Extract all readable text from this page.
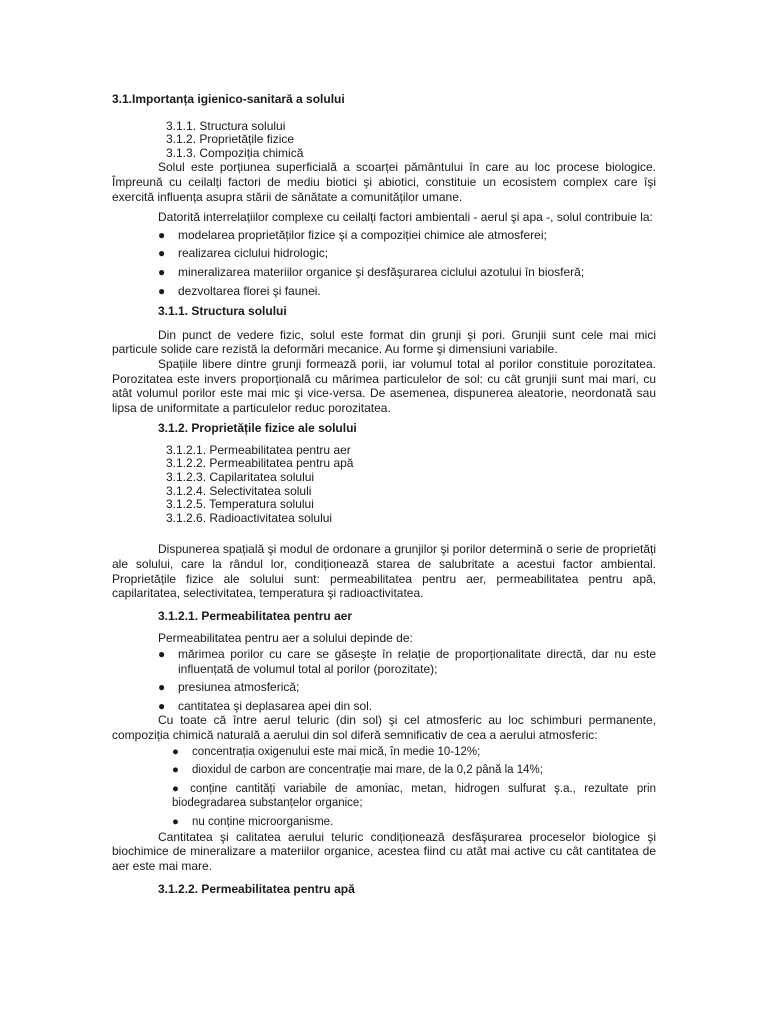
3.1.Importanța igienico-sanitară a solului
3.1.1. Structura solului
3.1.2. Proprietățile fizice
3.1.3. Compoziția chimică

Solul este porțiunea superficială a scoarței pământului în care au loc procese biologice. Împreună cu ceilalți factori de mediu biotici şi abiotici, constituie un ecosistem complex care îşi exercită influența asupra stării de sănătate a comunităților umane.

Datorită interrelațiilor complexe cu ceilalți factori ambientali - aerul şi apa -, solul contribuie la:

● modelarea proprietăților fizice şi a compoziției chimice ale atmosferei;
● realizarea ciclului hidrologic;
● mineralizarea materiilor organice şi desfăşurarea ciclului azotului în biosferă;
● dezvoltarea florei şi faunei.
3.1.1. Structura solului

Din punct de vedere fizic, solul este format din grunji şi pori. Grunjii sunt cele mai mici particule solide care rezistă la deformări mecanice. Au forme şi dimensiuni variabile.

Spațiile libere dintre grunji formează porii, iar volumul total al porilor constituie porozitatea. Porozitatea este invers proporțională cu mărimea particulelor de sol: cu cât grunjii sunt mai mari, cu atât volumul porilor este mai mic şi vice-versa. De asemenea, dispunerea aleatorie, neordonată sau lipsa de uniformitate a particulelor reduc porozitatea.

3.1.2. Proprietățile fizice ale solului
3.1.2.1. Permeabilitatea pentru aer
3.1.2.2. Permeabilitatea pentru apă
3.1.2.3. Capilaritatea solului
3.1.2.4. Selectivitatea soluli
3.1.2.5. Temperatura solului
3.1.2.6. Radioactivitatea solului

Dispunerea spațială şi modul de ordonare a grunjilor şi porilor determină o serie de proprietăți ale solului, care la rândul lor, condiționează starea de salubritate a acestui factor ambiental. Proprietățile fizice ale solului sunt: permeabilitatea pentru aer, permeabilitatea pentru apă, capilaritatea, selectivitatea, temperatura şi radioactivitatea.

3.1.2.1. Permeabilitatea pentru aer

Permeabilitatea pentru aer a solului depinde de:

● mărimea porilor cu care se găseşte în relație de proporționalitate directă, dar nu este influențată de volumul total al porilor (porozitate);
● presiunea atmosferică;
● cantitatea şi deplasarea apei din sol.

Cu toate că între aerul teluric (din sol) şi cel atmosferic au loc schimburi permanente, compoziția chimică naturală a aerului din sol diferă semnificativ de cea a aerului atmosferic:

● concentrația oxigenului este mai mică, în medie 10-12%;
● dioxidul de carbon are concentrație mai mare, de la 0,2 până la 14%;
● conține cantități variabile de amoniac, metan, hidrogen sulfurat ş.a., rezultate prin biodegradarea substanțelor organice;
● nu conține microorganisme.

Cantitatea şi calitatea aerului teluric condiționează desfăşurarea proceselor biologice şi biochimice de mineralizare a materiilor organice, acestea fiind cu atât mai active cu cât cantitatea de aer este mai mare.

3.1.2.2. Permeabilitatea pentru apă
